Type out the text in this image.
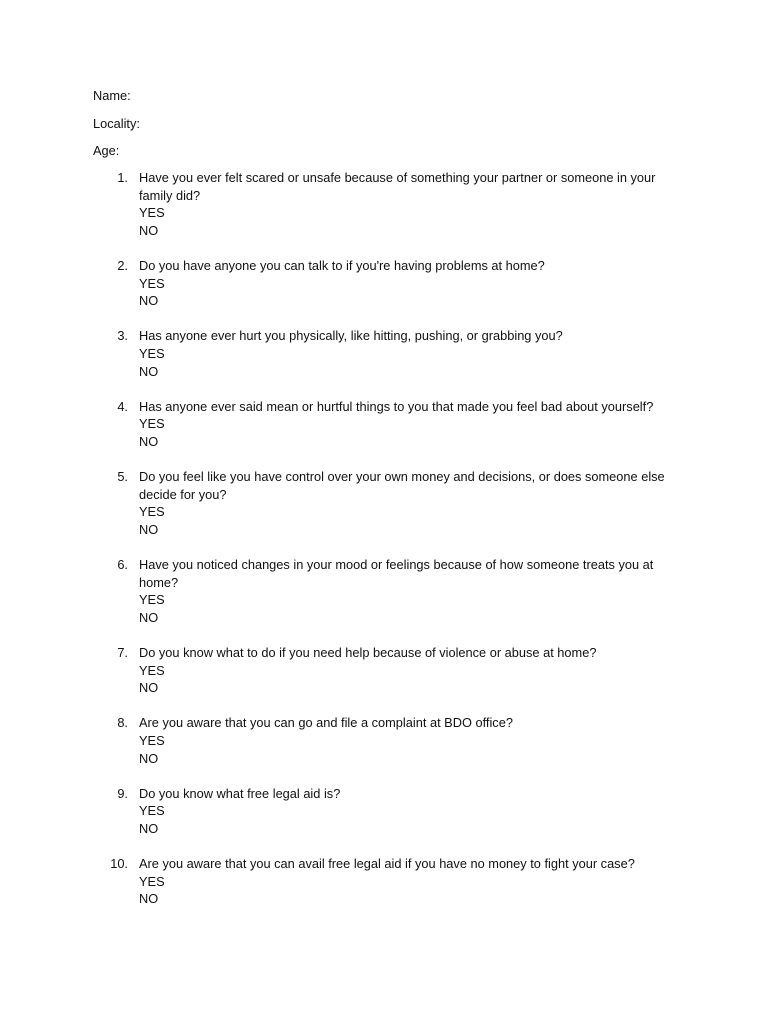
Name:
Locality:
Age:
1. Have you ever felt scared or unsafe because of something your partner or someone in your family did?
YES
NO
2. Do you have anyone you can talk to if you're having problems at home?
YES
NO
3. Has anyone ever hurt you physically, like hitting, pushing, or grabbing you?
YES
NO
4. Has anyone ever said mean or hurtful things to you that made you feel bad about yourself?
YES
NO
5. Do you feel like you have control over your own money and decisions, or does someone else decide for you?
YES
NO
6. Have you noticed changes in your mood or feelings because of how someone treats you at home?
YES
NO
7. Do you know what to do if you need help because of violence or abuse at home?
YES
NO
8. Are you aware that you can go and file a complaint at BDO office?
YES
NO
9. Do you know what free legal aid is?
YES
NO
10. Are you aware that you can avail free legal aid if you have no money to fight your case?
YES
NO
